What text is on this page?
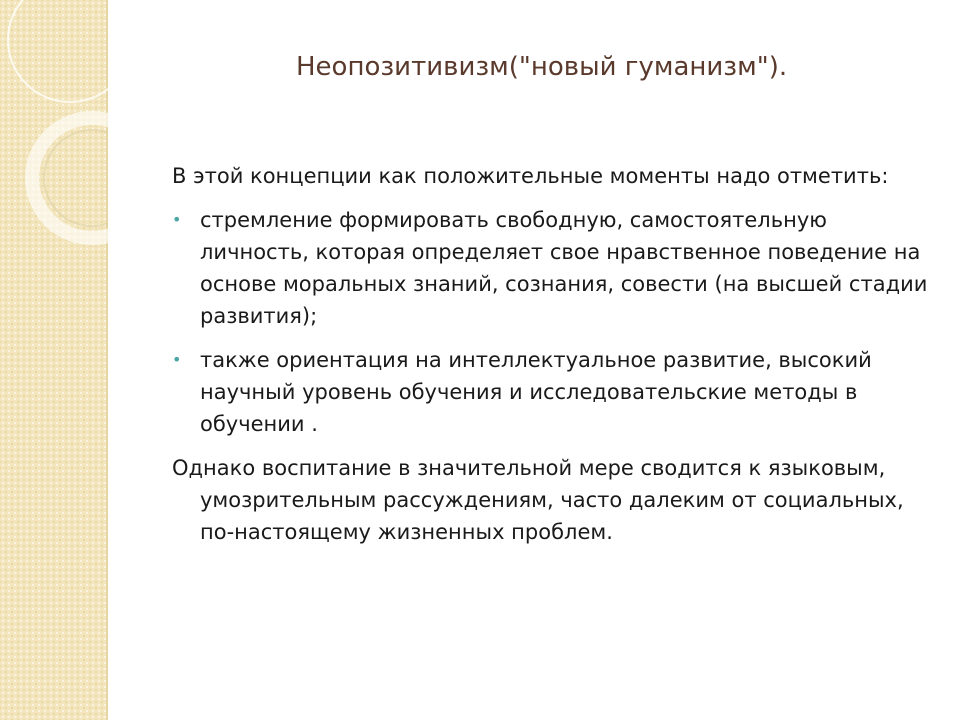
Неопозитивизм("новый гуманизм").

В этой концепции как положительные моменты надо отметить:

• стремление формировать свободную, самостоятельную личность, которая определяет свое нравственное поведение на основе моральных знаний, сознания, совести (на высшей стадии развития);
• также ориентация на интеллектуальное развитие, высокий научный уровень обучения и исследовательские методы в обучении .

Однако воспитание в значительной мере сводится к языковым, умозрительным рассуждениям, часто далеким от социальных, по-настоящему жизненных проблем.
